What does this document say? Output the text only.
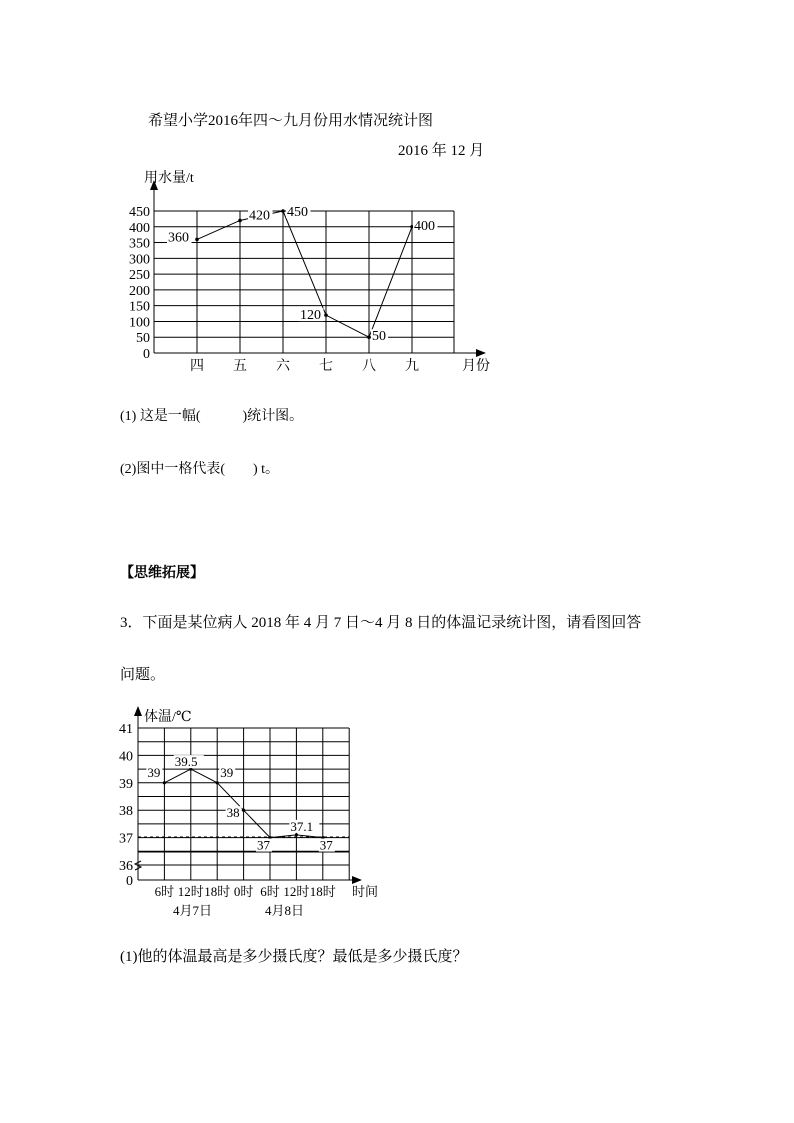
希望小学2016年四～九月份用水情况统计图
2016 年 12 月
用水量/t
月份
0
50
100
150
200
250
300
350
400
450
四 五 六 七 八 九
360
420 450
120
50
400
(1) 这是一幅(　　　)统计图。
(2)图中一格代表(　　) t。
【思维拓展】
3．下面是某位病人 2018 年 4 月 7 日～4 月 8 日的体温记录统计图，请看图回答
问题。
体温/℃
时间
0
36
37
38
39
40
41
6时 12时 18时 0时 6时 12时 18时
4月7日	4月8日
39
39.5
39
38
37
37.1
37
(1)他的体温最高是多少摄氏度？最低是多少摄氏度？
